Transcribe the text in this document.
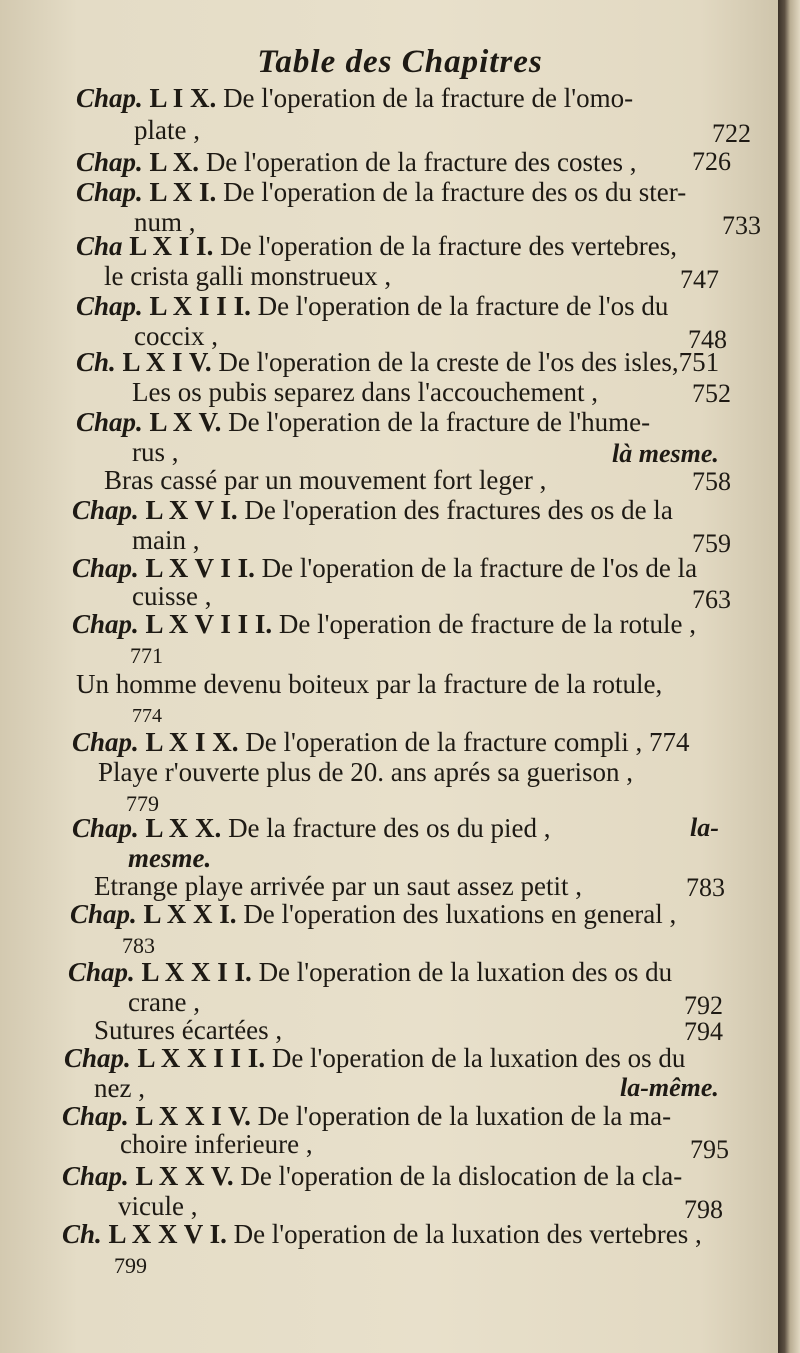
Table des Chapitres
Chap. L I X. De l'operation de la fracture de l'omo-
plate ,	722
Chap. L X. De l'operation de la fracture des costes , 726
Chap. L X I. De l'operation de la fracture des os du ster-
num ,	733
Cha L X I I. De l'operation de la fracture des vertebres,
le crista galli monstrueux ,	747
Chap. L X I I I. De l'operation de la fracture de l'os du
coccix ,	748
Ch. L X I V. De l'operation de la creste de l'os des isles,751
Les os pubis separez dans l'accouchement ,	752
Chap. L X V. De l'operation de la fracture de l'hume-
rus ,	là mesme.
Bras cassé par un mouvement fort leger ,	758
Chap. L X V I. De l'operation des fractures des os de la
main ,	759
Chap. L X V I I. De l'operation de la fracture de l'os de la
cuisse ,	763
Chap. L X V I I I. De l'operation de fracture de la rotule ,
771
Un homme devenu boiteux par la fracture de la rotule,
774
Chap. L X I X. De l'operation de la fracture compli , 774
Playe r'ouverte plus de 20. ans aprés sa guerison ,
779
Chap. L X X. De la fracture des os du pied ,	la-
mesme.
Etrange playe arrivée par un saut assez petit ,	783
Chap. L X X I. De l'operation des luxations en general ,
783
Chap. L X X I I. De l'operation de la luxation des os du
crane ,	792
Sutures écartées ,	794
Chap. L X X I I I. De l'operation de la luxation des os du
nez ,	la-même.
Chap. L X X I V. De l'operation de la luxation de la ma-
choire inferieure ,	795
Chap. L X X V. De l'operation de la dislocation de la cla-
vicule ,	798
Ch. L X X V I. De l'operation de la luxation des vertebres ,
799
